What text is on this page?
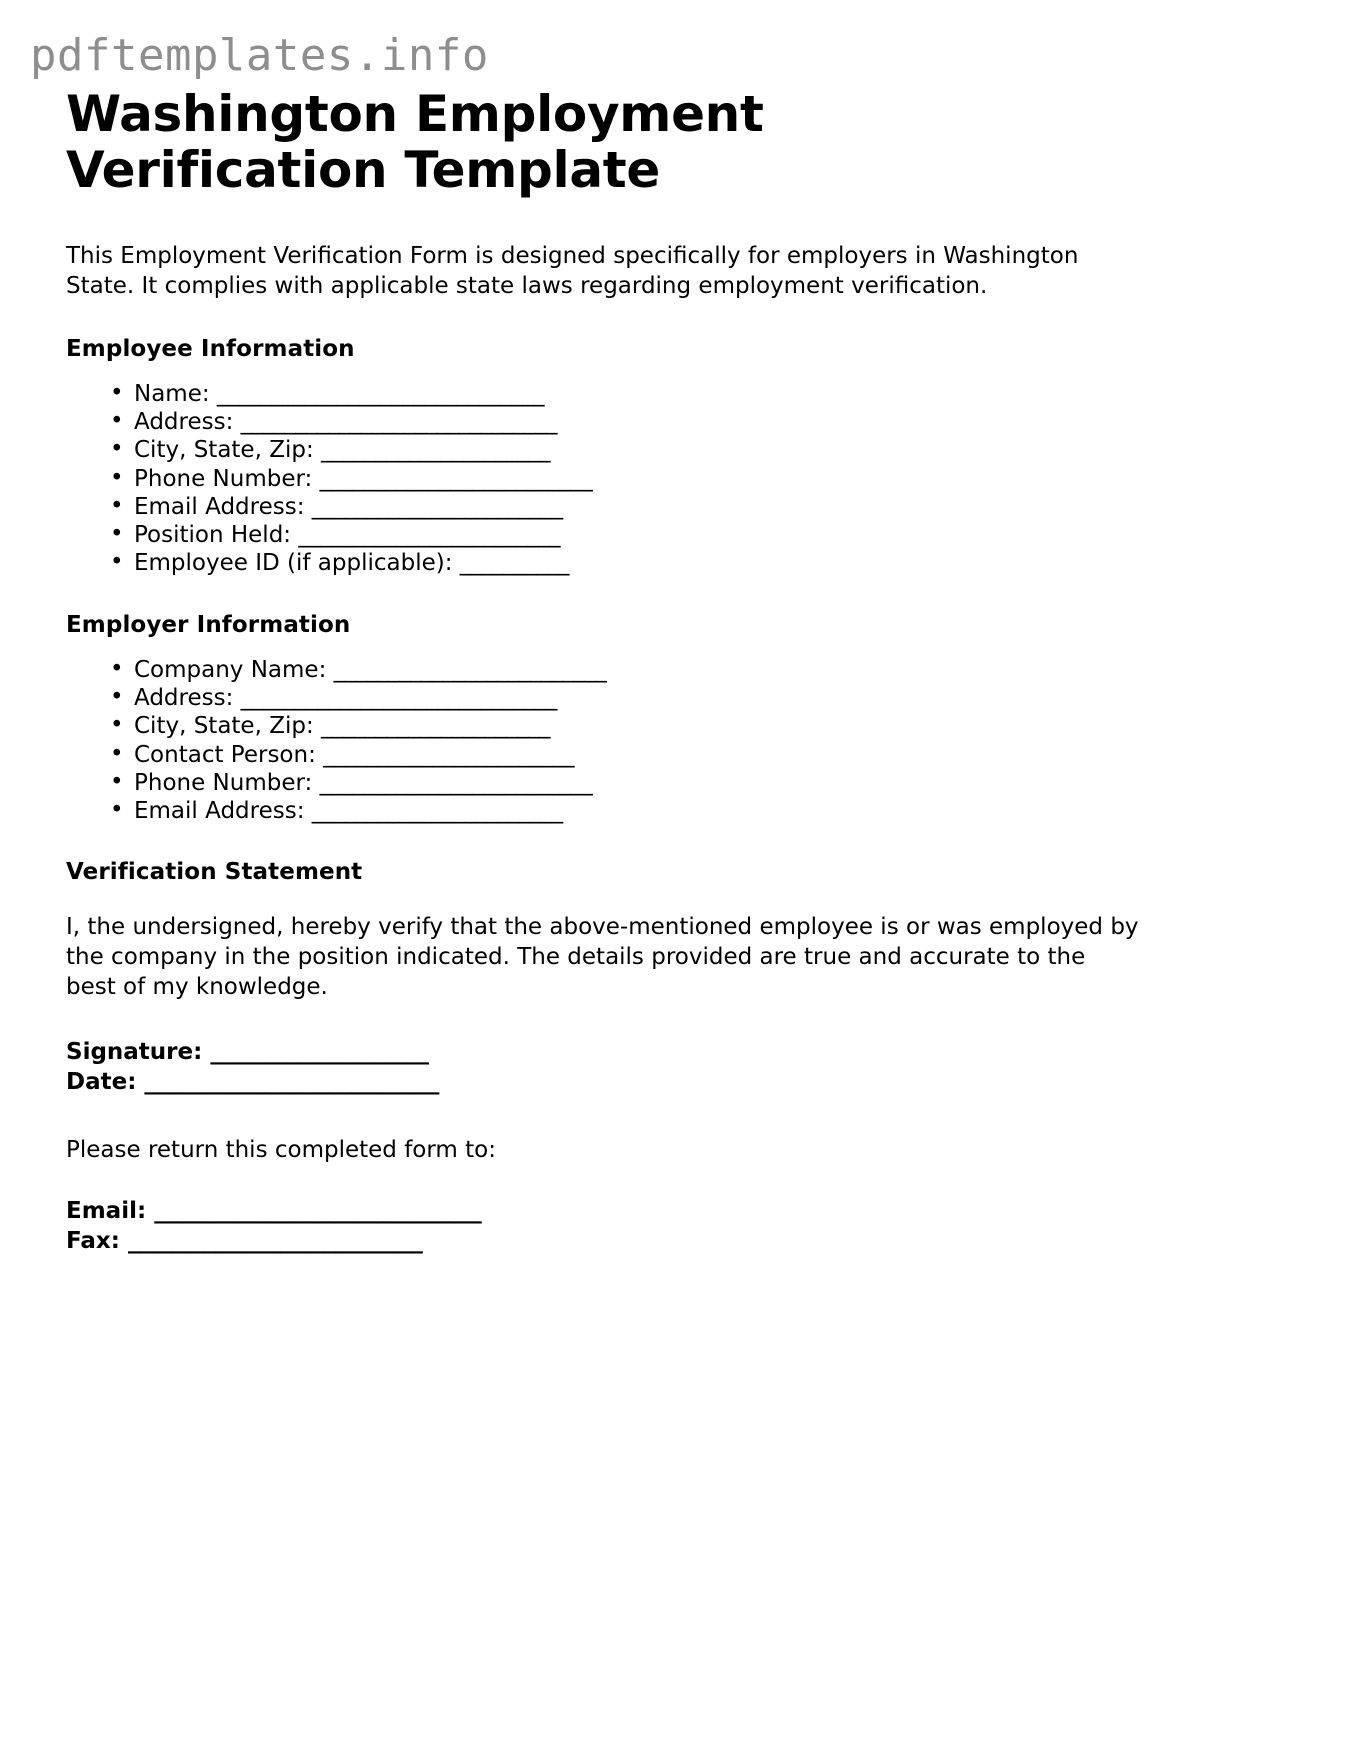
pdftemplates.info
Washington Employment Verification Template

This Employment Verification Form is designed specifically for employers in Washington State. It complies with applicable state laws regarding employment verification.

Employee Information
• Name: ______________________________
• Address: _____________________________
• City, State, Zip: _____________________
• Phone Number: _________________________
• Email Address: _______________________
• Position Held: ________________________
• Employee ID (if applicable): __________
Employer Information
• Company Name: _________________________
• Address: _____________________________
• City, State, Zip: _____________________
• Contact Person: _______________________
• Phone Number: _________________________
• Email Address: _______________________
Verification Statement

I, the undersigned, hereby verify that the above-mentioned employee is or was employed by the company in the position indicated. The details provided are true and accurate to the best of my knowledge.

Signature: ____________________
Date: ___________________________

Please return this completed form to:

Email: ______________________________
Fax: ___________________________
